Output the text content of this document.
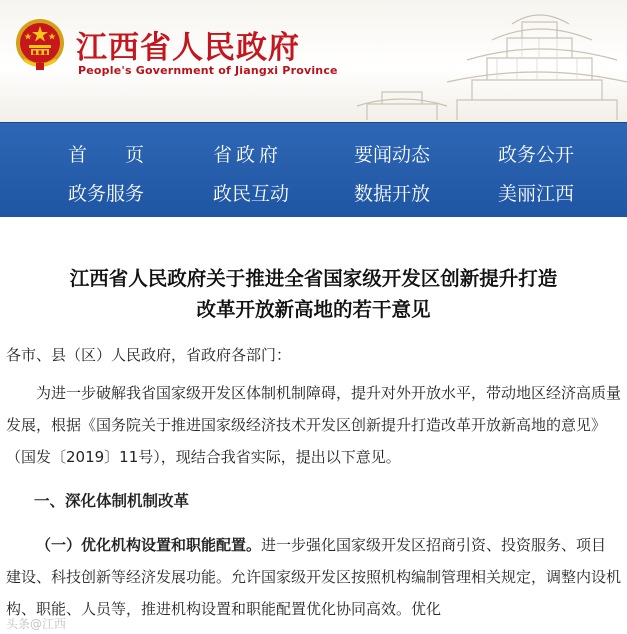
江西省人民政府
People's Government of Jiangxi Province
首 页	省政府	要闻动态	政务公开
政务服务	政民互动	数据开放	美丽江西
江西省人民政府关于推进全省国家级开发区创新提升打造
改革开放新高地的若干意见

各市、县（区）人民政府，省政府各部门：

为进一步破解我省国家级开发区体制机制障碍，提升对外开放水平，带动地区经济高质量发展，根据《国务院关于推进国家级经济技术开发区创新提升打造改革开放新高地的意见》（国发〔2019〕11号），现结合我省实际，提出以下意见。

一、深化体制机制改革

（一）优化机构设置和职能配置。进一步强化国家级开发区招商引资、投资服务、项目建设、科技创新等经济发展功能。允许国家级开发区按照机构编制管理相关规定，调整内设机构、职能、人员等，推进机构设置和职能配置优化协同高效。优化

头条@江西
